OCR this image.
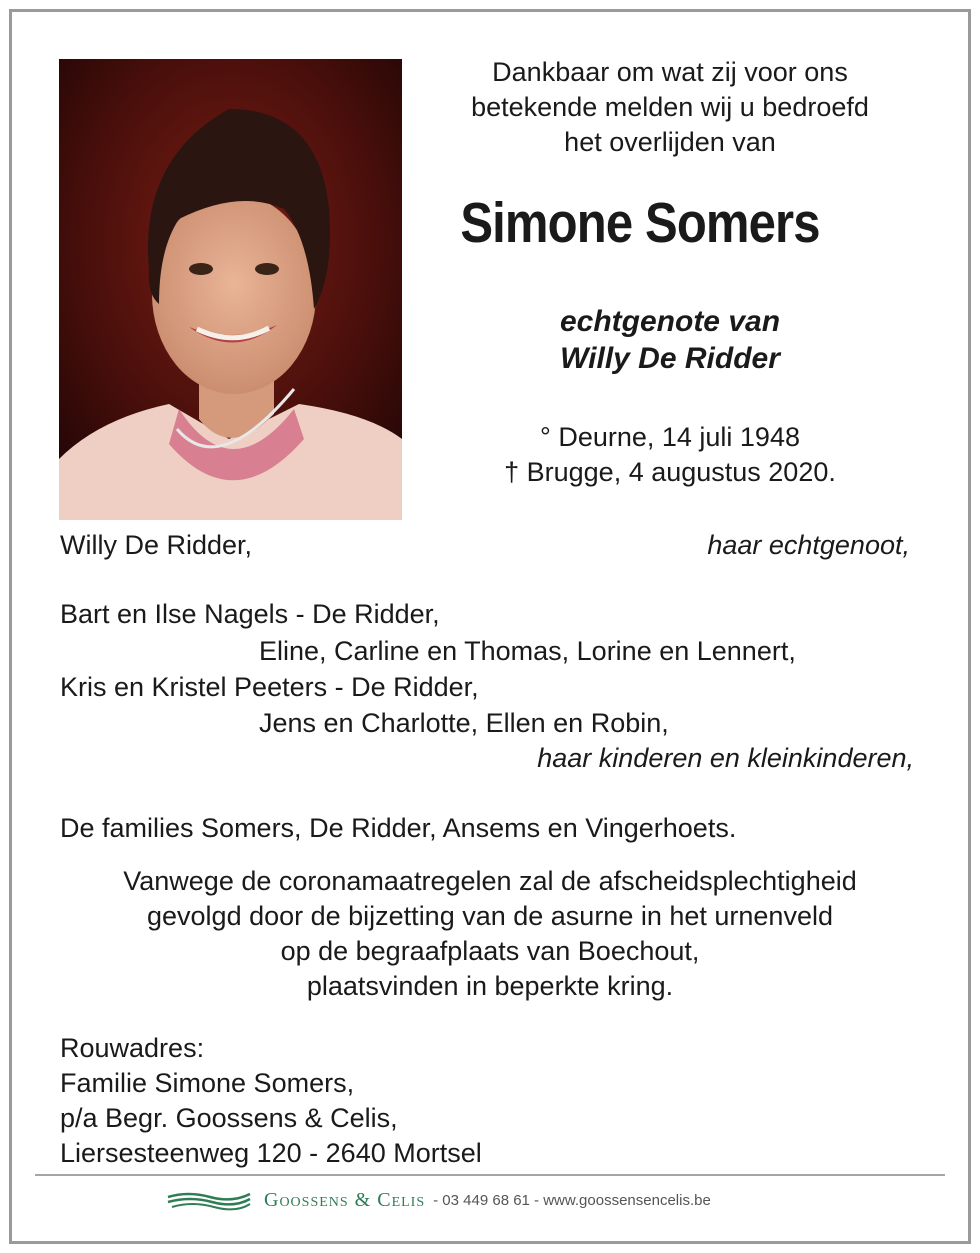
Dankbaar om wat zij voor ons
betekende melden wij u bedroefd
het overlijden van
Simone Somers
echtgenote van
Willy De Ridder
° Deurne, 14 juli 1948
† Brugge, 4 augustus 2020.
Willy De Ridder,	haar echtgenoot,
Bart en Ilse Nagels - De Ridder,
Eline, Carline en Thomas, Lorine en Lennert,
Kris en Kristel Peeters - De Ridder,
Jens en Charlotte, Ellen en Robin,
haar kinderen en kleinkinderen,
De families Somers, De Ridder, Ansems en Vingerhoets.
Vanwege de coronamaatregelen zal de afscheidsplechtigheid
gevolgd door de bijzetting van de asurne in het urnenveld
op de begraafplaats van Boechout,
plaatsvinden in beperkte kring.
Rouwadres:
Familie Simone Somers,
p/a Begr. Goossens & Celis,
Liersesteenweg 120 - 2640 Mortsel
Goossens & Celis - 03 449 68 61 - www.goossensencelis.be
